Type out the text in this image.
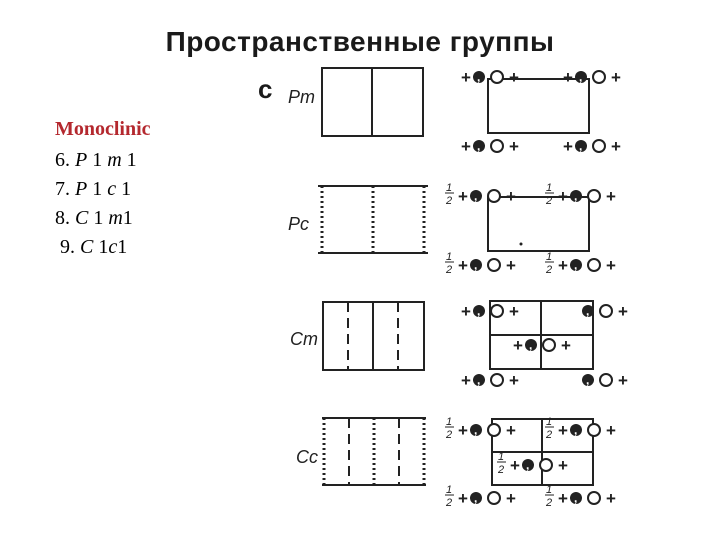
Пространственные группы
c
Monoclinic
6. P 1 m 1
7. P 1 c 1
8. C 1 m1
9. C 1c1
Pm
Pc
Cm
Cc
+ , +	+ , +
+ , +	+ , +
1
2 + , +	1
2 + , +
1
2 + , +	1
2 + , +
+ , +	, +
+ , +
+ , +	, +
1
2 + , +	1
2 + , +
1
2 + , +
1
2 + , +	1
2 + , +
